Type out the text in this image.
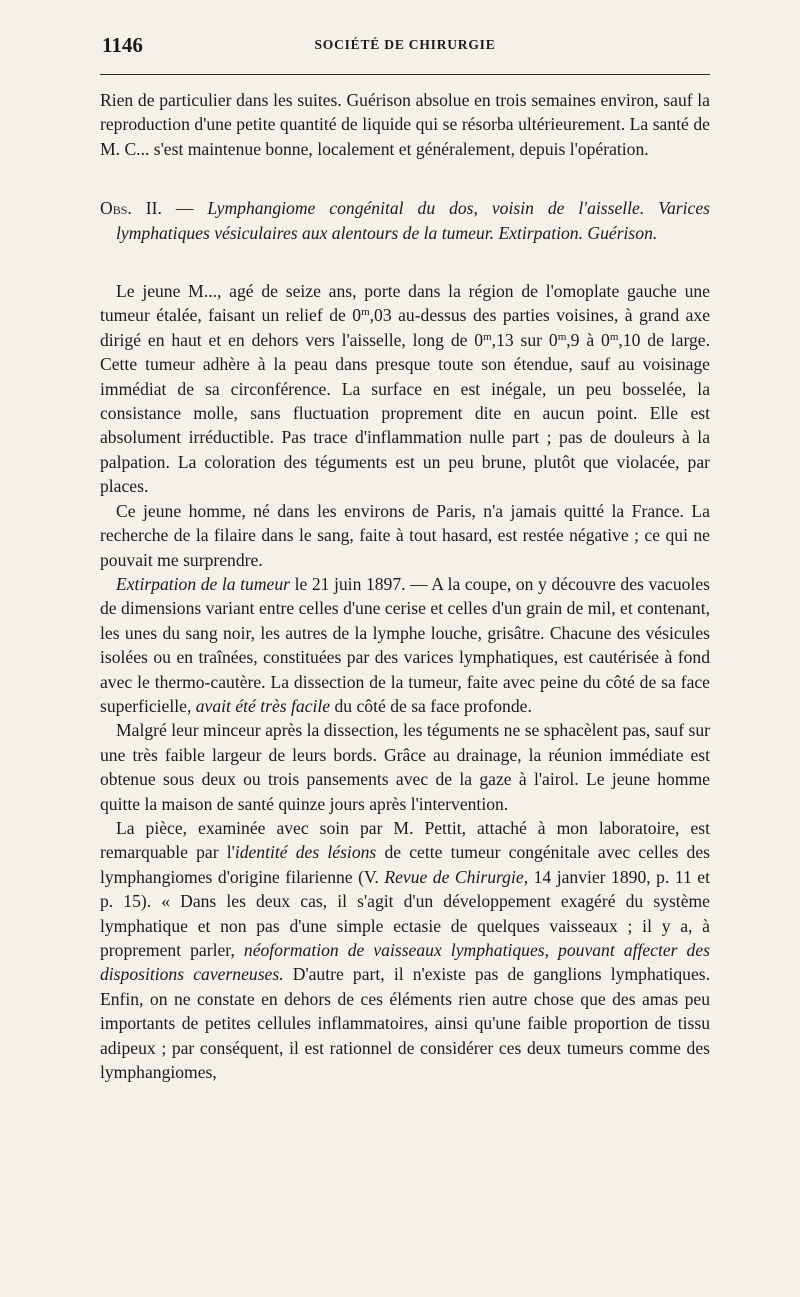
1146	SOCIÉTÉ DE CHIRURGIE

Rien de particulier dans les suites. Guérison absolue en trois semaines environ, sauf la reproduction d'une petite quantité de liquide qui se résorba ultérieurement. La santé de M. C... s'est maintenue bonne, localement et généralement, depuis l'opération.

Obs. II. — Lymphangiome congénital du dos, voisin de l'aisselle. Varices lymphatiques vésiculaires aux alentours de la tumeur. Extirpation. Guérison.

Le jeune M..., agé de seize ans, porte dans la région de l'omoplate gauche une tumeur étalée, faisant un relief de 0$^m$,03 au-dessus des parties voisines, à grand axe dirigé en haut et en dehors vers l'aisselle, long de 0$^m$,13 sur 0$^m$,9 à 0$^m$,10 de large. Cette tumeur adhère à la peau dans presque toute son étendue, sauf au voisinage immédiat de sa circonférence. La surface en est inégale, un peu bosselée, la consistance molle, sans fluctuation proprement dite en aucun point. Elle est absolument irréductible. Pas trace d'inflammation nulle part ; pas de douleurs à la palpation. La coloration des téguments est un peu brune, plutôt que violacée, par places.

Ce jeune homme, né dans les environs de Paris, n'a jamais quitté la France. La recherche de la filaire dans le sang, faite à tout hasard, est restée négative ; ce qui ne pouvait me surprendre.

Extirpation de la tumeur le 21 juin 1897. — A la coupe, on y découvre des vacuoles de dimensions variant entre celles d'une cerise et celles d'un grain de mil, et contenant, les unes du sang noir, les autres de la lymphe louche, grisâtre. Chacune des vésicules isolées ou en traînées, constituées par des varices lymphatiques, est cautérisée à fond avec le thermo-cautère. La dissection de la tumeur, faite avec peine du côté de sa face superficielle, avait été très facile du côté de sa face profonde.

Malgré leur minceur après la dissection, les téguments ne se sphacèlent pas, sauf sur une très faible largeur de leurs bords. Grâce au drainage, la réunion immédiate est obtenue sous deux ou trois pansements avec de la gaze à l'airol. Le jeune homme quitte la maison de santé quinze jours après l'intervention.

La pièce, examinée avec soin par M. Pettit, attaché à mon laboratoire, est remarquable par l'identité des lésions de cette tumeur congénitale avec celles des lymphangiomes d'origine filarienne (V. Revue de Chirurgie, 14 janvier 1890, p. 11 et p. 15). « Dans les deux cas, il s'agit d'un développement exagéré du système lymphatique et non pas d'une simple ectasie de quelques vaisseaux ; il y a, à proprement parler, néoformation de vaisseaux lymphatiques, pouvant affecter des dispositions caverneuses. D'autre part, il n'existe pas de ganglions lymphatiques. Enfin, on ne constate en dehors de ces éléments rien autre chose que des amas peu importants de petites cellules inflammatoires, ainsi qu'une faible proportion de tissu adipeux ; par conséquent, il est rationnel de considérer ces deux tumeurs comme des lymphangiomes,
